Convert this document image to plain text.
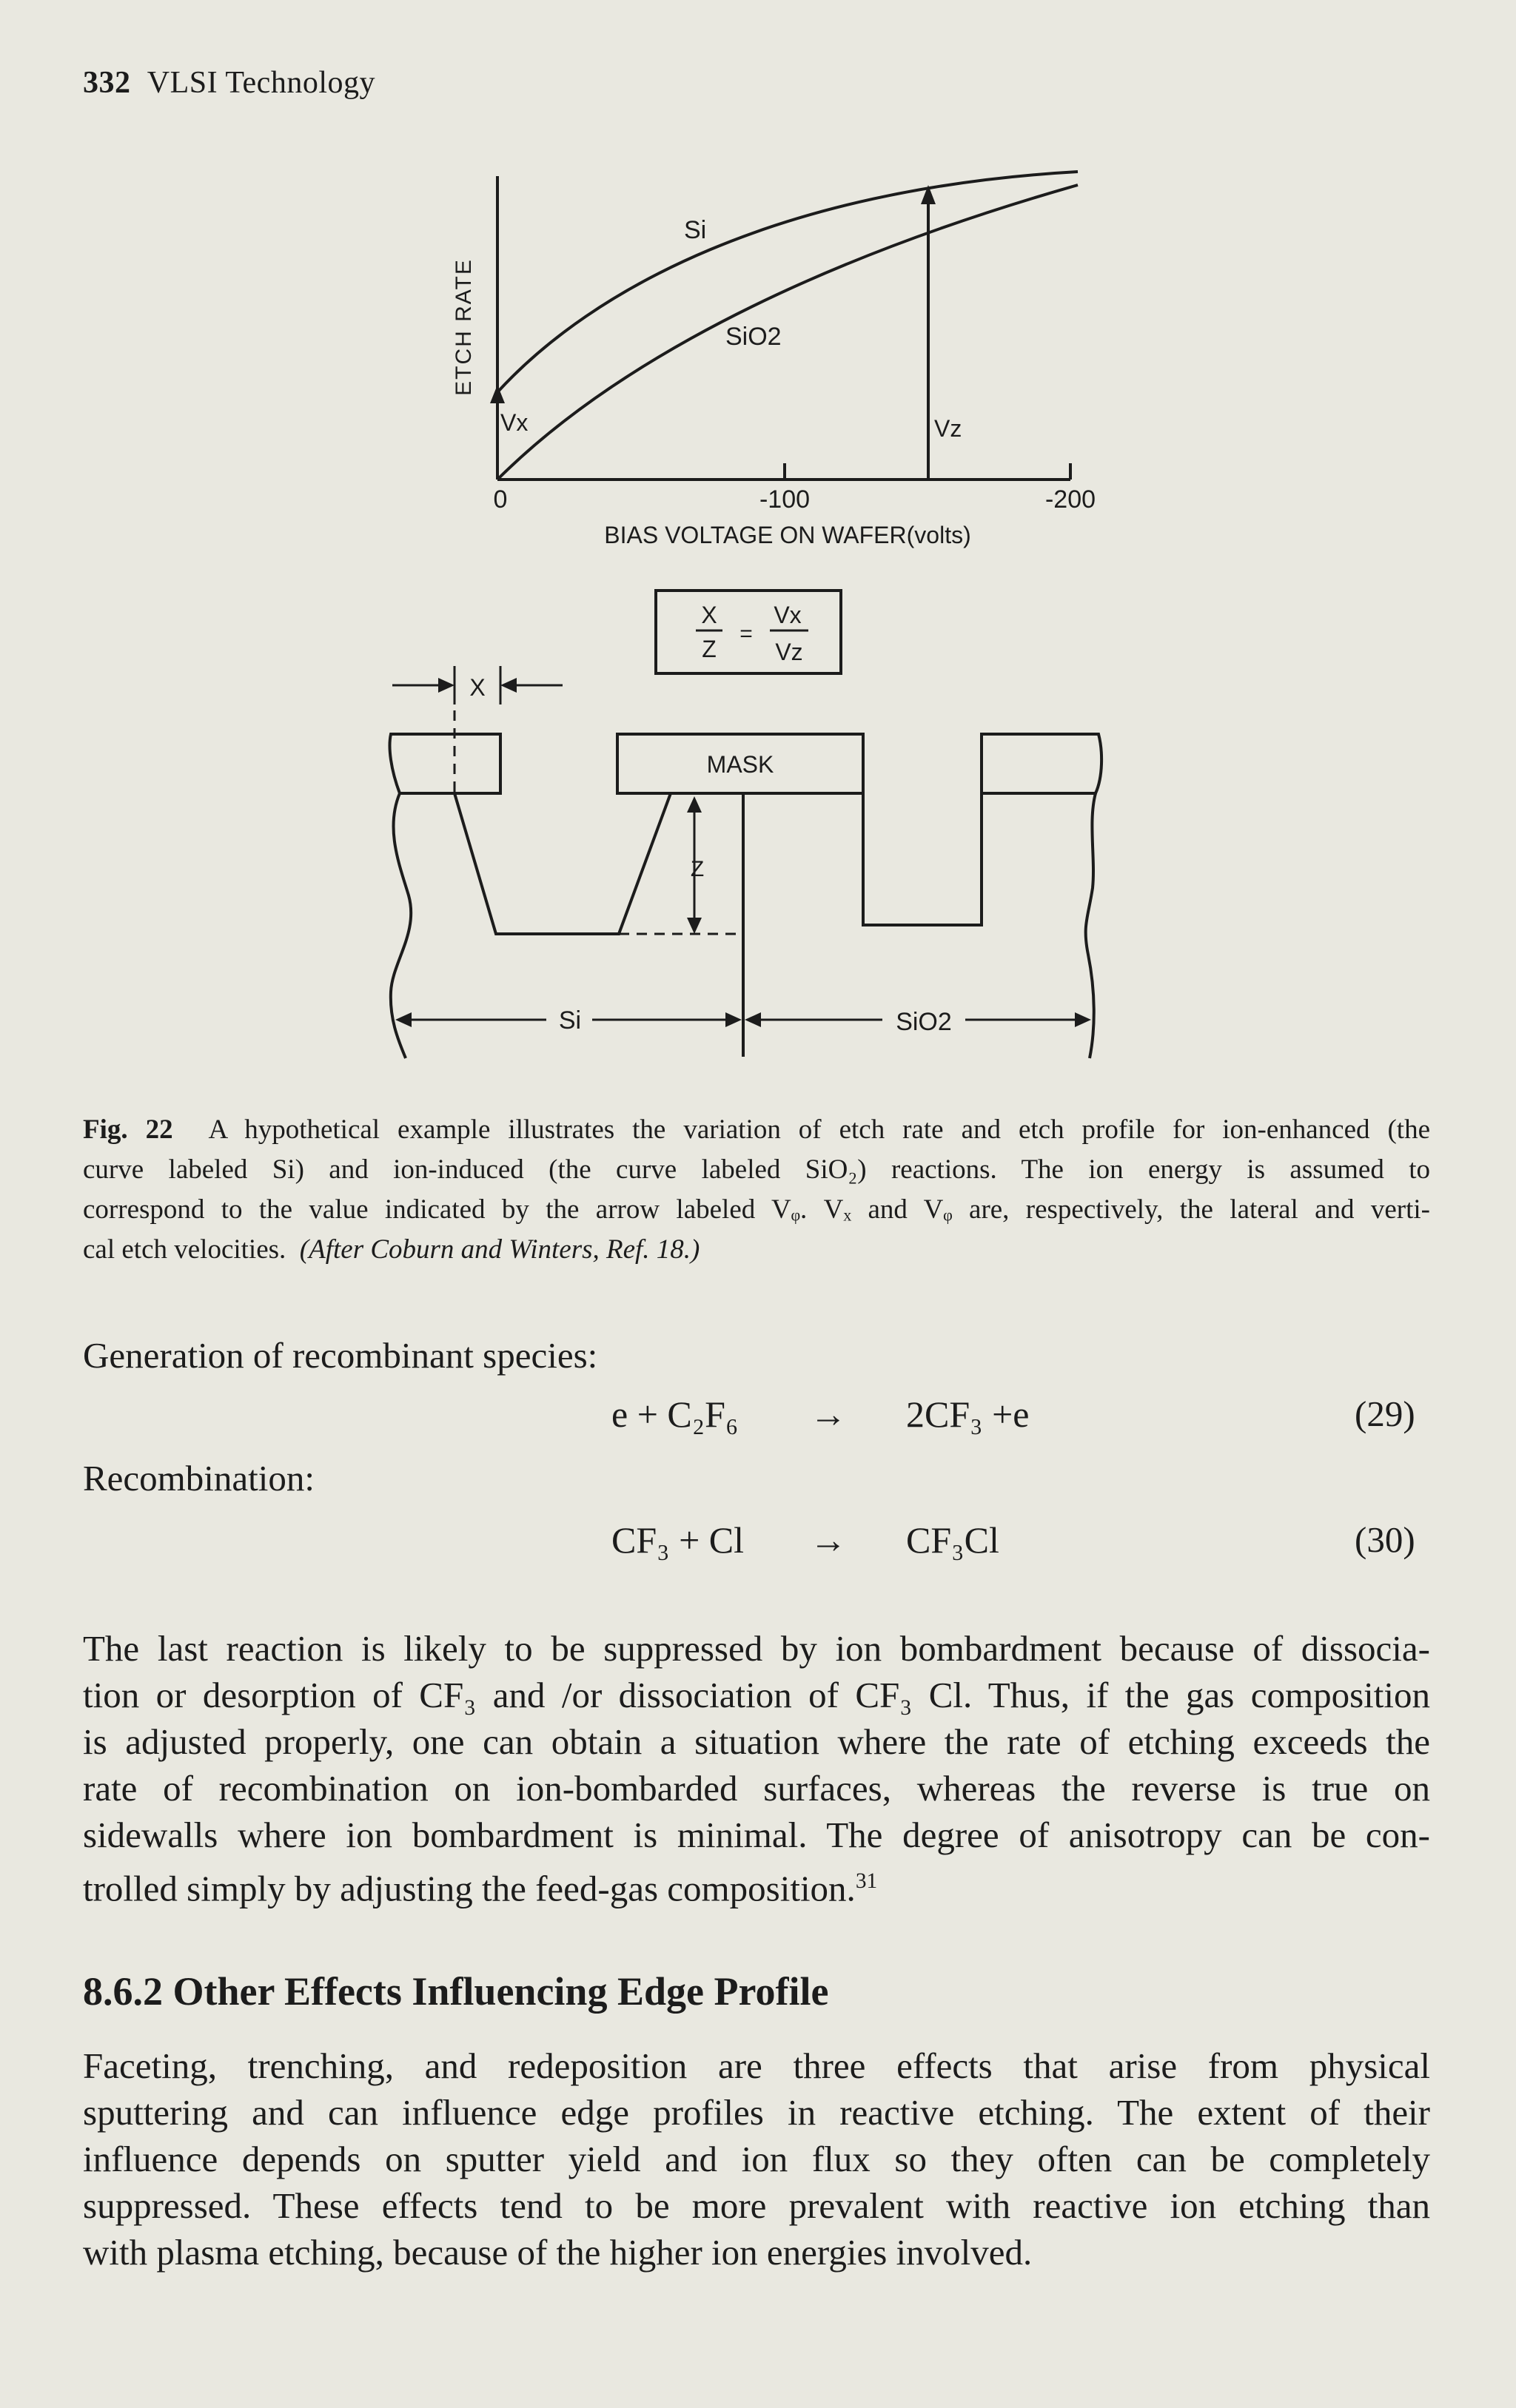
332 VLSI Technology
ETCH RATE
Si
SiO2
Vx	Vz
0	-100	-200
BIAS VOLTAGE ON WAFER(volts)
X
Z
=
Vx
Vz
X
Z
MASK
Si	SiO2
Fig. 22 A hypothetical example illustrates the variation of etch rate and etch profile for ion-enhanced (the
curve labeled Si) and ion-induced (the curve labeled SiO₂) reactions. The ion energy is assumed to
correspond to the value indicated by the arrow labeled Vᵩ. Vₓ and Vᵩ are, respectively, the lateral and verti-
cal etch velocities. (After Coburn and Winters, Ref. 18.)
Generation of recombinant species:
e + C₂F₆ → 2CF₃ +e	(29)
Recombination:
CF₃ + Cl → CF₃Cl	(30)
The last reaction is likely to be suppressed by ion bombardment because of dissocia-
tion or desorption of CF₃ and /or dissociation of CF₃ Cl. Thus, if the gas composition
is adjusted properly, one can obtain a situation where the rate of etching exceeds the
rate of recombination on ion-bombarded surfaces, whereas the reverse is true on
sidewalls where ion bombardment is minimal. The degree of anisotropy can be con-
trolled simply by adjusting the feed-gas composition.$^{31}$
8.6.2 Other Effects Influencing Edge Profile
Faceting, trenching, and redeposition are three effects that arise from physical
sputtering and can influence edge profiles in reactive etching. The extent of their
influence depends on sputter yield and ion flux so they often can be completely
suppressed. These effects tend to be more prevalent with reactive ion etching than
with plasma etching, because of the higher ion energies involved.
